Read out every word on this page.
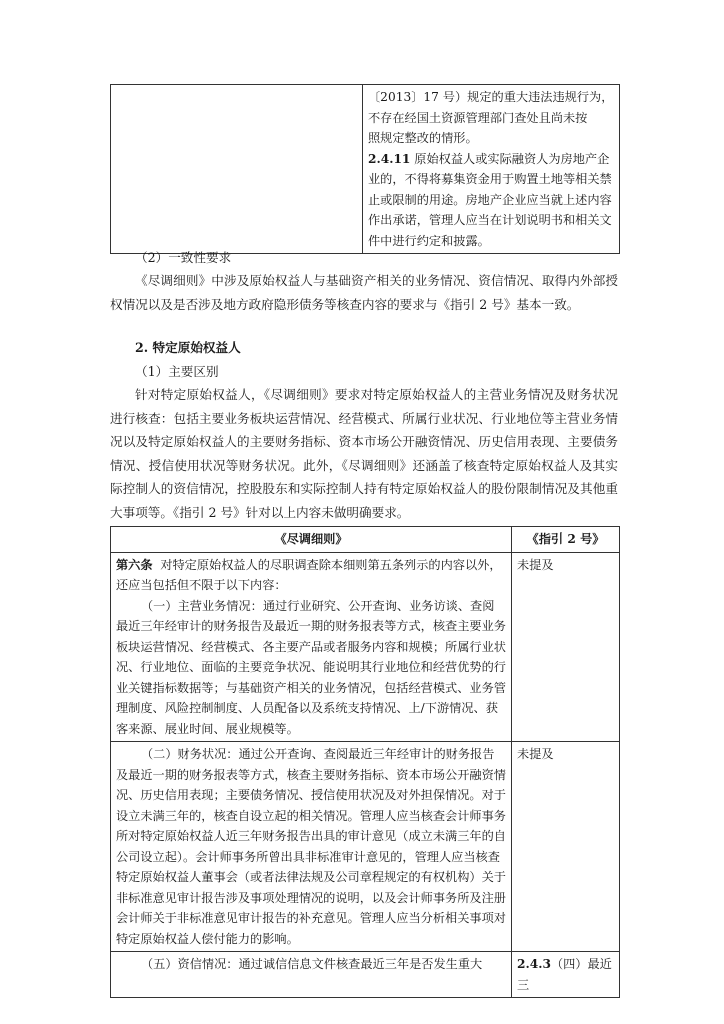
〔2013〕17 号）规定的重大违法违规行为，
不存在经国土资源管理部门查处且尚未按
照规定整改的情形。
2.4.11 原始权益人或实际融资人为房地产企业的，不得将募集资金用于购置土地等相关禁止或限制的用途。房地产企业应当就上述内容作出承诺，管理人应当在计划说明书和相关文件中进行约定和披露。
（2）一致性要求
《尽调细则》中涉及原始权益人与基础资产相关的业务情况、资信情况、取得内外部授权情况以及是否涉及地方政府隐形债务等核查内容的要求与《指引 2 号》基本一致。
2. 特定原始权益人
（1）主要区别
针对特定原始权益人，《尽调细则》要求对特定原始权益人的主营业务情况及财务状况进行核查：包括主要业务板块运营情况、经营模式、所属行业状况、行业地位等主营业务情况以及特定原始权益人的主要财务指标、资本市场公开融资情况、历史信用表现、主要债务情况、授信使用状况等财务状况。此外，《尽调细则》还涵盖了核查特定原始权益人及其实际控制人的资信情况，控股股东和实际控制人持有特定原始权益人的股份限制情况及其他重大事项等。《指引 2 号》针对以上内容未做明确要求。
《尽调细则》	《指引 2 号》

第六条 对特定原始权益人的尽职调查除本细则第五条列示的内容以外，还应当包括但不限于以下内容：
（一）主营业务情况：通过行业研究、公开查询、业务访谈、查阅最近三年经审计的财务报告及最近一期的财务报表等方式，核查主要业务板块运营情况、经营模式、各主要产品或者服务内容和规模；所属行业状况、行业地位、面临的主要竞争状况、能说明其行业地位和经营优势的行业关键指标数据等；与基础资产相关的业务情况，包括经营模式、业务管理制度、风险控制制度、人员配备以及系统支持情况、上/下游情况、获客来源、展业时间、展业规模等。	未提及
（二）财务状况：通过公开查询、查阅最近三年经审计的财务报告及最近一期的财务报表等方式，核查主要财务指标、资本市场公开融资情况、历史信用表现；主要债务情况、授信使用状况及对外担保情况。对于设立未满三年的，核查自设立起的相关情况。管理人应当核查会计师事务所对特定原始权益人近三年财务报告出具的审计意见（成立未满三年的自公司设立起）。会计师事务所曾出具非标准审计意见的，管理人应当核查特定原始权益人董事会（或者法律法规及公司章程规定的有权机构）关于非标准意见审计报告涉及事项处理情况的说明，以及会计师事务所及注册会计师关于非标准意见审计报告的补充意见。管理人应当分析相关事项对特定原始权益人偿付能力的影响。	未提及
（五）资信情况：通过诚信信息文件核查最近三年是否发生重大	2.4.3（四）最近三
